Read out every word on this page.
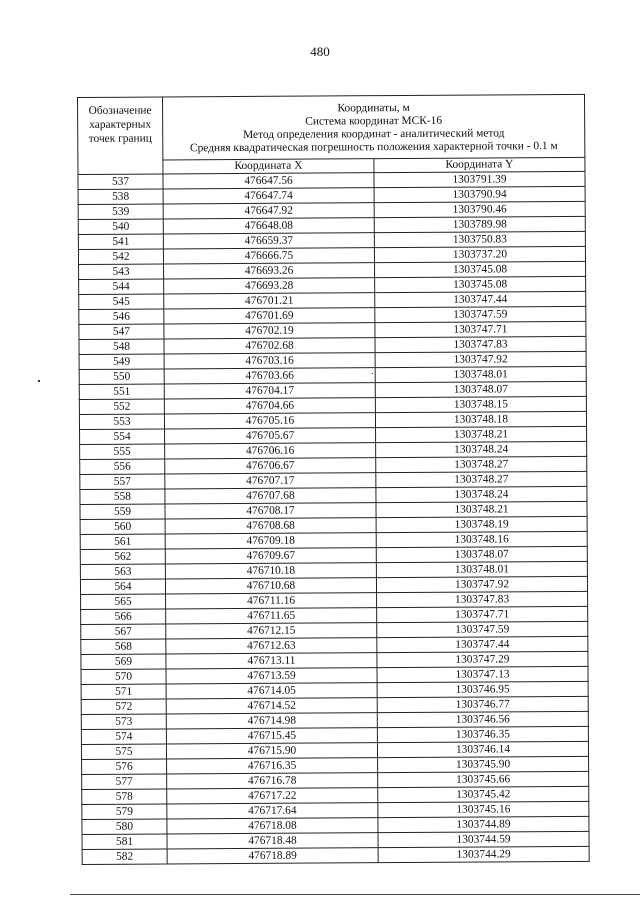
480
Обозначение характерных точек границ	Координаты, м
Система координат МСК-16
Метод определения координат - аналитический метод
Средняя квадратическая погрешность положения характерной точки - 0.1 м	

	Координата X	Координата Y
537	476647.56	1303791.39
538	476647.74	1303790.94
539	476647.92	1303790.46
540	476648.08	1303789.98
541	476659.37	1303750.83
542	476666.75	1303737.20
543	476693.26	1303745.08
544	476693.28	1303745.08
545	476701.21	1303747.44
546	476701.69	1303747.59
547	476702.19	1303747.71
548	476702.68	1303747.83
549	476703.16	1303747.92
550	476703.66	1303748.01
551	476704.17	1303748.07
552	476704.66	1303748.15
553	476705.16	1303748.18
554	476705.67	1303748.21
555	476706.16	1303748.24
556	476706.67	1303748.27
557	476707.17	1303748.27
558	476707.68	1303748.24
559	476708.17	1303748.21
560	476708.68	1303748.19
561	476709.18	1303748.16
562	476709.67	1303748.07
563	476710.18	1303748.01
564	476710.68	1303747.92
565	476711.16	1303747.83
566	476711.65	1303747.71
567	476712.15	1303747.59
568	476712.63	1303747.44
569	476713.11	1303747.29
570	476713.59	1303747.13
571	476714.05	1303746.95
572	476714.52	1303746.77
573	476714.98	1303746.56
574	476715.45	1303746.35
575	476715.90	1303746.14
576	476716.35	1303745.90
577	476716.78	1303745.66
578	476717.22	1303745.42
579	476717.64	1303745.16
580	476718.08	1303744.89
581	476718.48	1303744.59
582	476718.89	1303744.29
